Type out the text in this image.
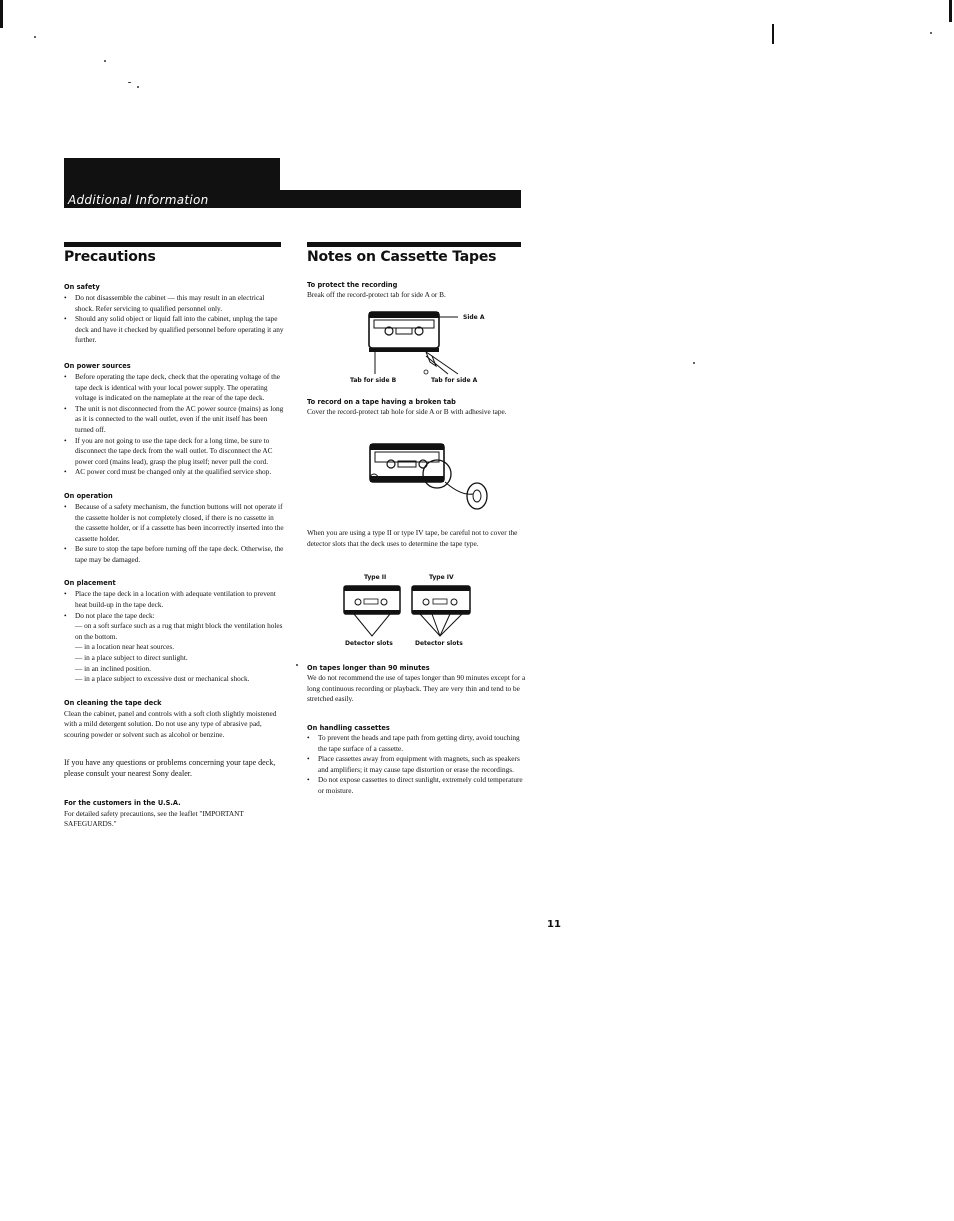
Additional Information
Precautions

On safety

• Do not disassemble the cabinet — this may result in an electrical shock. Refer servicing to qualified personnel only.
• Should any solid object or liquid fall into the cabinet, unplug the tape deck and have it checked by qualified personnel before operating it any further.

On power sources

• Before operating the tape deck, check that the operating voltage of the tape deck is identical with your local power supply. The operating voltage is indicated on the nameplate at the rear of the tape deck.
• The unit is not disconnected from the AC power source (mains) as long as it is connected to the wall outlet, even if the unit itself has been turned off.
• If you are not going to use the tape deck for a long time, be sure to disconnect the tape deck from the wall outlet. To disconnect the AC power cord (mains lead), grasp the plug itself; never pull the cord.
• AC power cord must be changed only at the qualified service shop.

On operation

• Because of a safety mechanism, the function buttons will not operate if the cassette holder is not completely closed, if there is no cassette in the cassette holder, or if a cassette has been incorrectly inserted into the cassette holder.
• Be sure to stop the tape before turning off the tape deck. Otherwise, the tape may be damaged.

On placement

• Place the tape deck in a location with adequate ventilation to prevent heat build-up in the tape deck.
• Do not place the tape deck:
— on a soft surface such as a rug that might block the ventilation holes on the bottom.
— in a location near heat sources.
— in a place subject to direct sunlight.
— in an inclined position.
— in a place subject to excessive dust or mechanical shock.

On cleaning the tape deck

Clean the cabinet, panel and controls with a soft cloth slightly moistened with a mild detergent solution. Do not use any type of abrasive pad, scouring powder or solvent such as alcohol or benzine.

If you have any questions or problems concerning your tape deck, please consult your nearest Sony dealer.

For the customers in the U.S.A.

For detailed safety precautions, see the leaflet "IMPORTANT SAFEGUARDS."

Notes on Cassette Tapes

To protect the recording

Break off the record-protect tab for side A or B.

Side A
Tab for side B	Tab for side A

To record on a tape having a broken tab

Cover the record-protect tab hole for side A or B with adhesive tape.

When you are using a type II or type IV tape, be careful not to cover the detector slots that the deck uses to determine the tape type.

Type II	Type IV
Detector slots	Detector slots

On tapes longer than 90 minutes

We do not recommend the use of tapes longer than 90 minutes except for a long continuous recording or playback. They are very thin and tend to be stretched easily.

On handling cassettes

• To prevent the heads and tape path from getting dirty, avoid touching the tape surface of a cassette.
• Place cassettes away from equipment with magnets, such as speakers and amplifiers; it may cause tape distortion or erase the recordings.
• Do not expose cassettes to direct sunlight, extremely cold temperature or moisture.
11
